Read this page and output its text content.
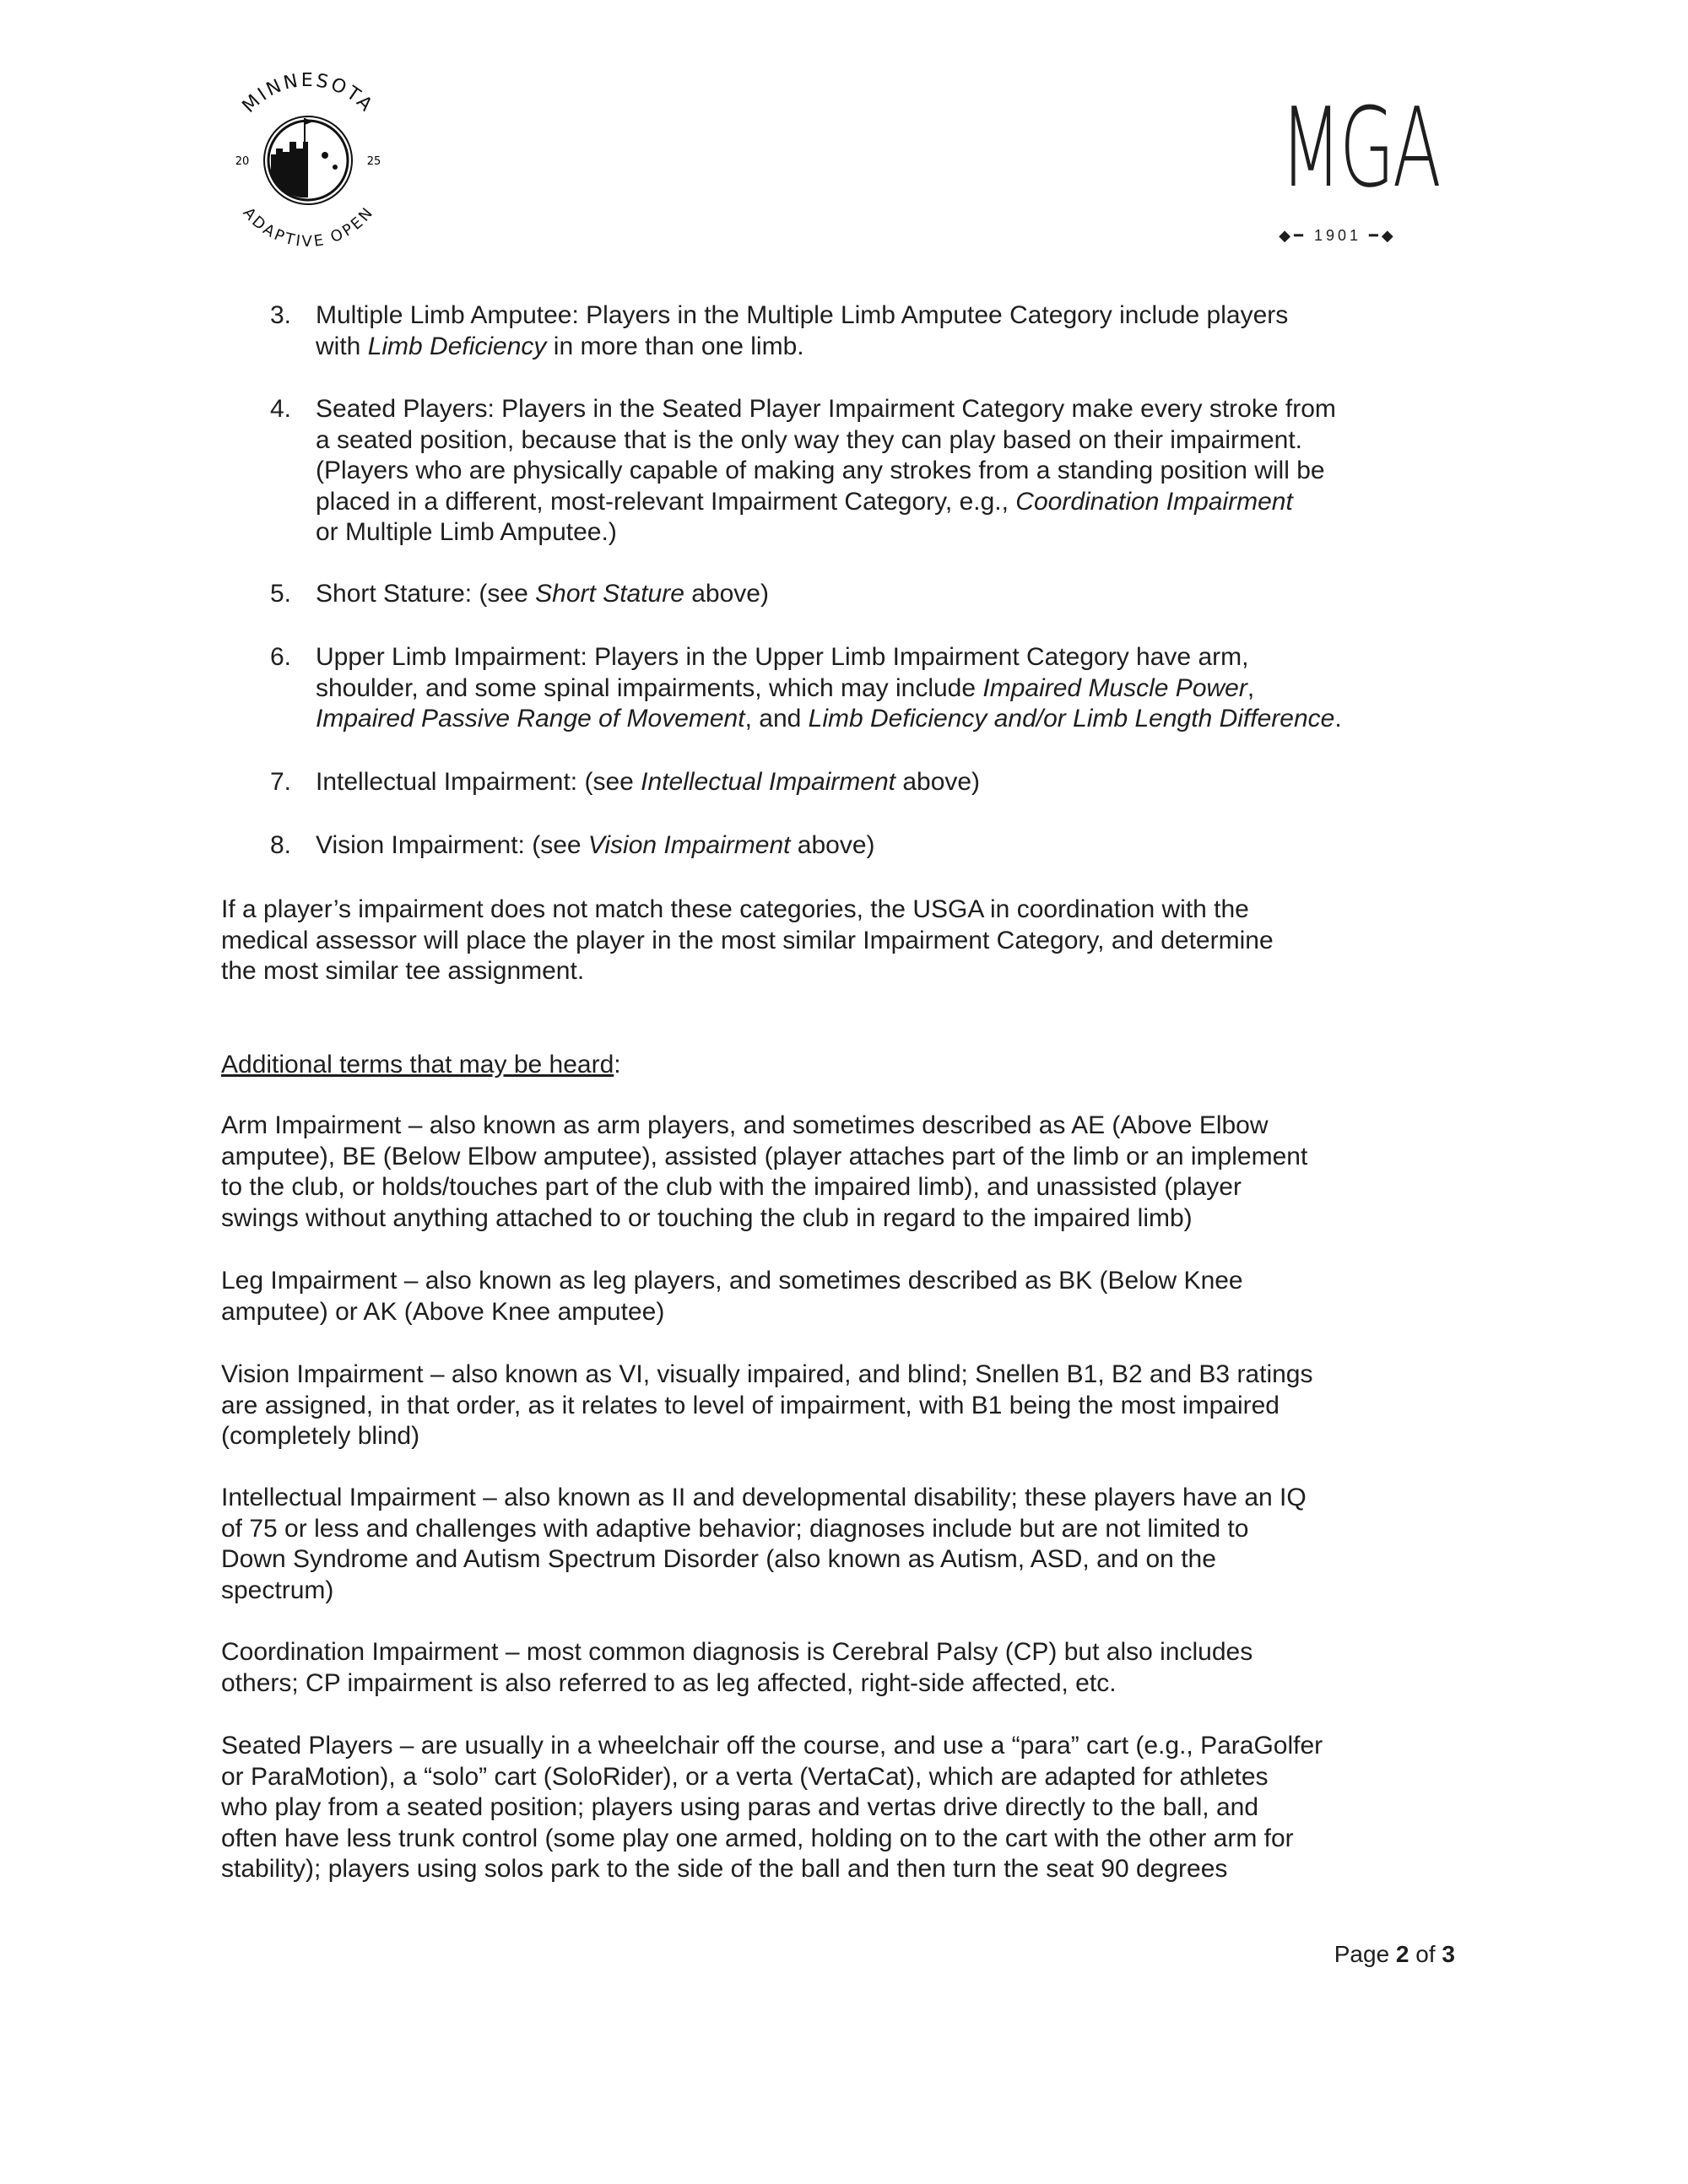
MINNESOTA
ADAPTIVE OPEN
20	25	MGA
◆━ 1901 ━◆
3. Multiple Limb Amputee: Players in the Multiple Limb Amputee Category include players
with Limb Deficiency in more than one limb.
4. Seated Players: Players in the Seated Player Impairment Category make every stroke from
a seated position, because that is the only way they can play based on their impairment.
(Players who are physically capable of making any strokes from a standing position will be
placed in a different, most-relevant Impairment Category, e.g., Coordination Impairment
or Multiple Limb Amputee.)
5. Short Stature: (see Short Stature above)
6. Upper Limb Impairment: Players in the Upper Limb Impairment Category have arm,
shoulder, and some spinal impairments, which may include Impaired Muscle Power,
Impaired Passive Range of Movement, and Limb Deficiency and/or Limb Length Difference.
7. Intellectual Impairment: (see Intellectual Impairment above)
8. Vision Impairment: (see Vision Impairment above)
If a player’s impairment does not match these categories, the USGA in coordination with the
medical assessor will place the player in the most similar Impairment Category, and determine
the most similar tee assignment.
Additional terms that may be heard:
Arm Impairment – also known as arm players, and sometimes described as AE (Above Elbow
amputee), BE (Below Elbow amputee), assisted (player attaches part of the limb or an implement
to the club, or holds/touches part of the club with the impaired limb), and unassisted (player
swings without anything attached to or touching the club in regard to the impaired limb)
Leg Impairment – also known as leg players, and sometimes described as BK (Below Knee
amputee) or AK (Above Knee amputee)
Vision Impairment – also known as VI, visually impaired, and blind; Snellen B1, B2 and B3 ratings
are assigned, in that order, as it relates to level of impairment, with B1 being the most impaired
(completely blind)
Intellectual Impairment – also known as II and developmental disability; these players have an IQ
of 75 or less and challenges with adaptive behavior; diagnoses include but are not limited to
Down Syndrome and Autism Spectrum Disorder (also known as Autism, ASD, and on the
spectrum)
Coordination Impairment – most common diagnosis is Cerebral Palsy (CP) but also includes
others; CP impairment is also referred to as leg affected, right-side affected, etc.
Seated Players – are usually in a wheelchair off the course, and use a “para” cart (e.g., ParaGolfer
or ParaMotion), a “solo” cart (SoloRider), or a verta (VertaCat), which are adapted for athletes
who play from a seated position; players using paras and vertas drive directly to the ball, and
often have less trunk control (some play one armed, holding on to the cart with the other arm for
stability); players using solos park to the side of the ball and then turn the seat 90 degrees
Page 2 of 3
